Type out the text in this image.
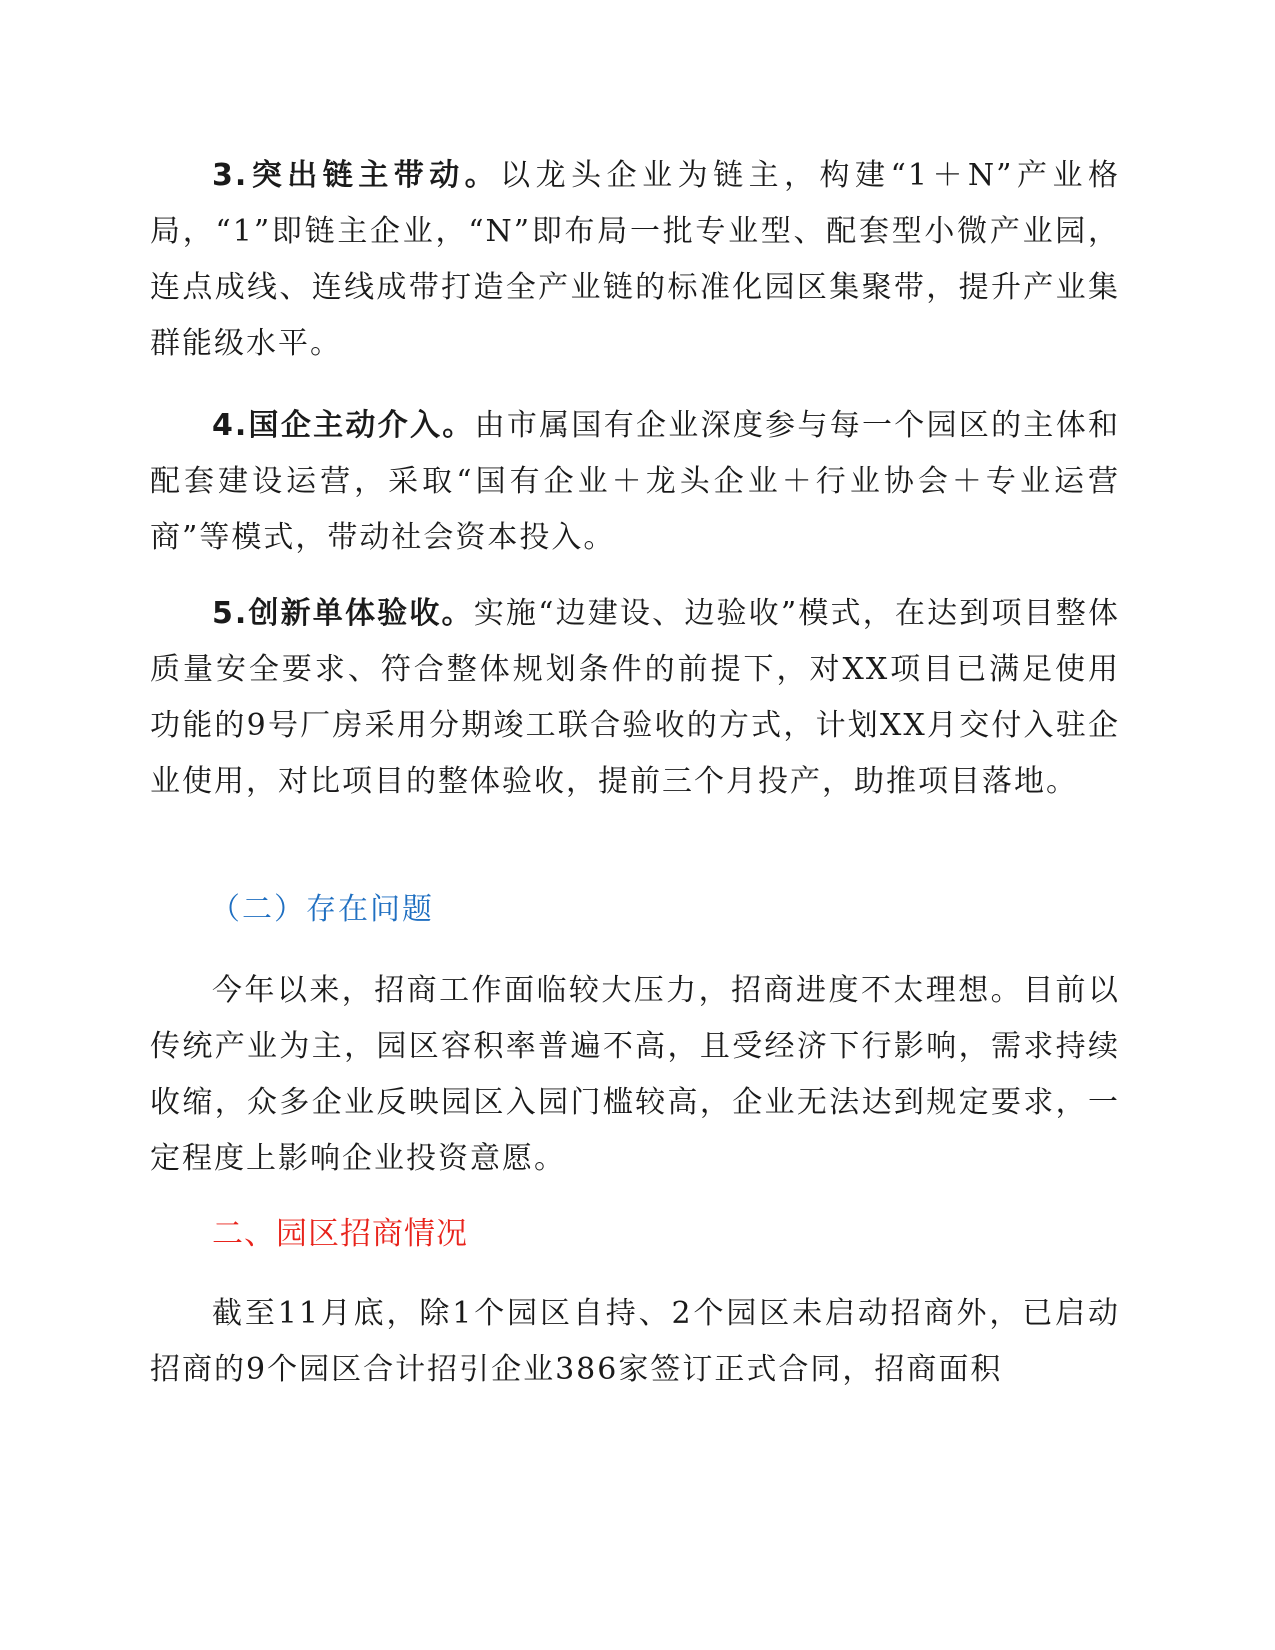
3.突出链主带动。以龙头企业为链主，构建“1＋N”产业格局，“1”即链主企业，“N”即布局一批专业型、配套型小微产业园，连点成线、连线成带打造全产业链的标准化园区集聚带，提升产业集群能级水平。

4.国企主动介入。由市属国有企业深度参与每一个园区的主体和配套建设运营，采取“国有企业＋龙头企业＋行业协会＋专业运营商”等模式，带动社会资本投入。

5.创新单体验收。实施“边建设、边验收”模式，在达到项目整体质量安全要求、符合整体规划条件的前提下，对XX项目已满足使用功能的9号厂房采用分期竣工联合验收的方式，计划XX月交付入驻企业使用，对比项目的整体验收，提前三个月投产，助推项目落地。

（二）存在问题

今年以来，招商工作面临较大压力，招商进度不太理想。目前以传统产业为主，园区容积率普遍不高，且受经济下行影响，需求持续收缩，众多企业反映园区入园门槛较高，企业无法达到规定要求，一定程度上影响企业投资意愿。

二、园区招商情况

截至11月底，除1个园区自持、2个园区未启动招商外，已启动招商的9个园区合计招引企业386家签订正式合同，招商面积
